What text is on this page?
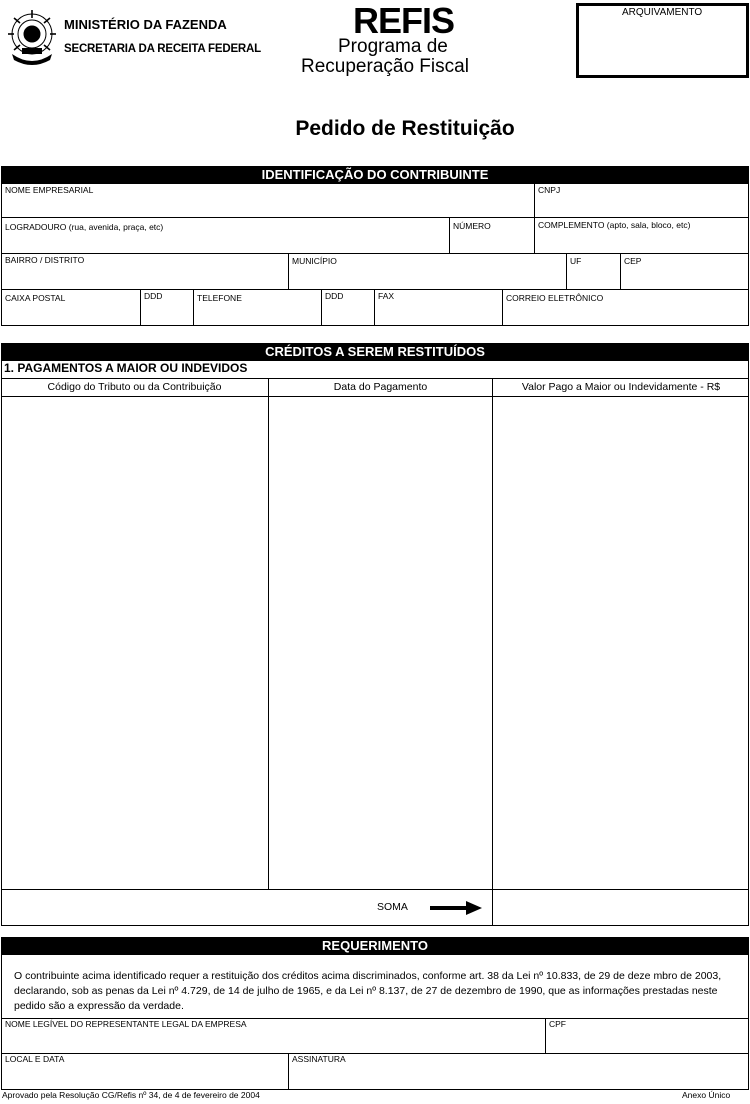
MINISTÉRIO DA FAZENDA
SECRETARIA DA RECEITA FEDERAL
REFIS
Programa de
Recuperação Fiscal
ARQUIVAMENTO
Pedido de Restituição
IDENTIFICAÇÃO DO CONTRIBUINTE
NOME EMPRESARIAL	CNPJ
LOGRADOURO (rua, avenida, praça, etc)	NÚMERO	COMPLEMENTO (apto, sala, bloco, etc)
BAIRRO / DISTRITO	MUNICÍPIO	UF	CEP
CAIXA POSTAL	DDD	TELEFONE	DDD	FAX	CORREIO ELETRÔNICO
CRÉDITOS A SEREM RESTITUÍDOS
1. PAGAMENTOS A MAIOR OU INDEVIDOS
Código do Tributo ou da Contribuição	Data do Pagamento	Valor Pago a Maior ou Indevidamente - R$
SOMA
REQUERIMENTO
O contribuinte acima identificado requer a restituição dos créditos acima discriminados, conforme art. 38 da Lei nº 10.833, de 29 de deze mbro de 2003, declarando, sob as penas da Lei nº 4.729, de 14 de julho de 1965, e da Lei nº 8.137, de 27 de dezembro de 1990, que as informações prestadas neste pedido são a expressão da verdade.
NOME LEGÍVEL DO REPRESENTANTE LEGAL DA EMPRESA	CPF
LOCAL E DATA	ASSINATURA
Aprovado pela Resolução CG/Refis nº 34, de 4 de fevereiro de 2004	Anexo Único
